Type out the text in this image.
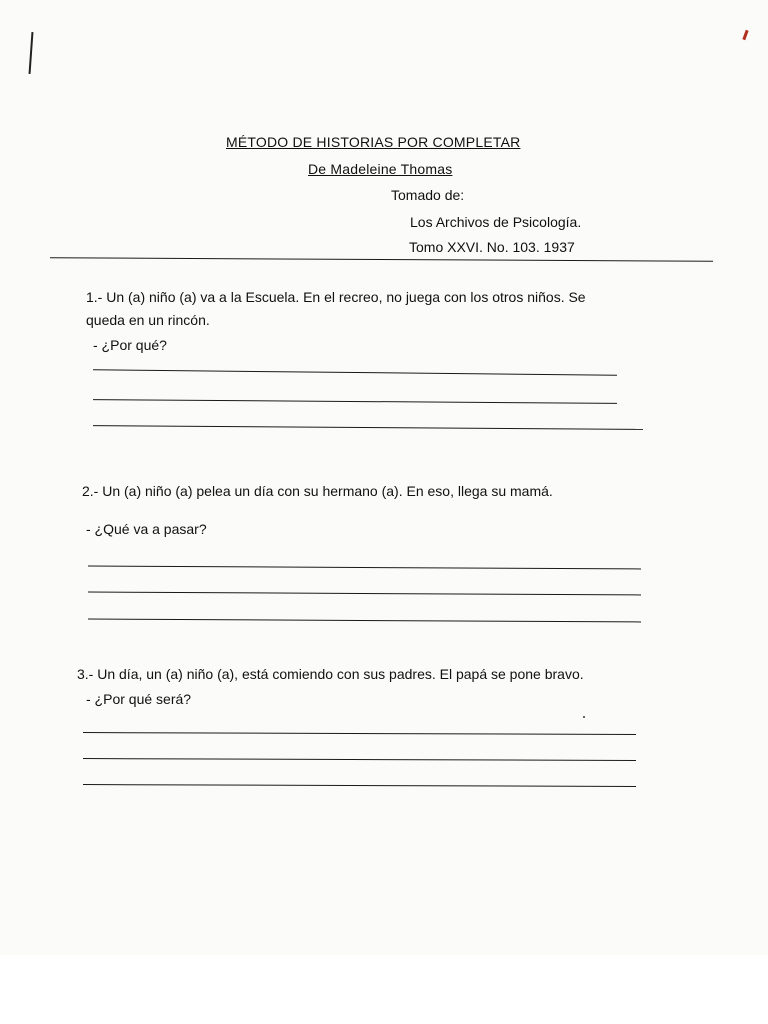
MÉTODO DE HISTORIAS POR COMPLETAR
De Madeleine Thomas
Tomado de:
Los Archivos de Psicología.
Tomo XXVI. No. 103. 1937
1.- Un (a) niño (a) va a la Escuela. En el recreo, no juega con los otros niños. Se
queda en un rincón.
- ¿Por qué?
2.- Un (a) niño (a) pelea un día con su hermano (a). En eso, llega su mamá.
- ¿Qué va a pasar?
3.- Un día, un (a) niño (a), está comiendo con sus padres. El papá se pone bravo.
- ¿Por qué será?
